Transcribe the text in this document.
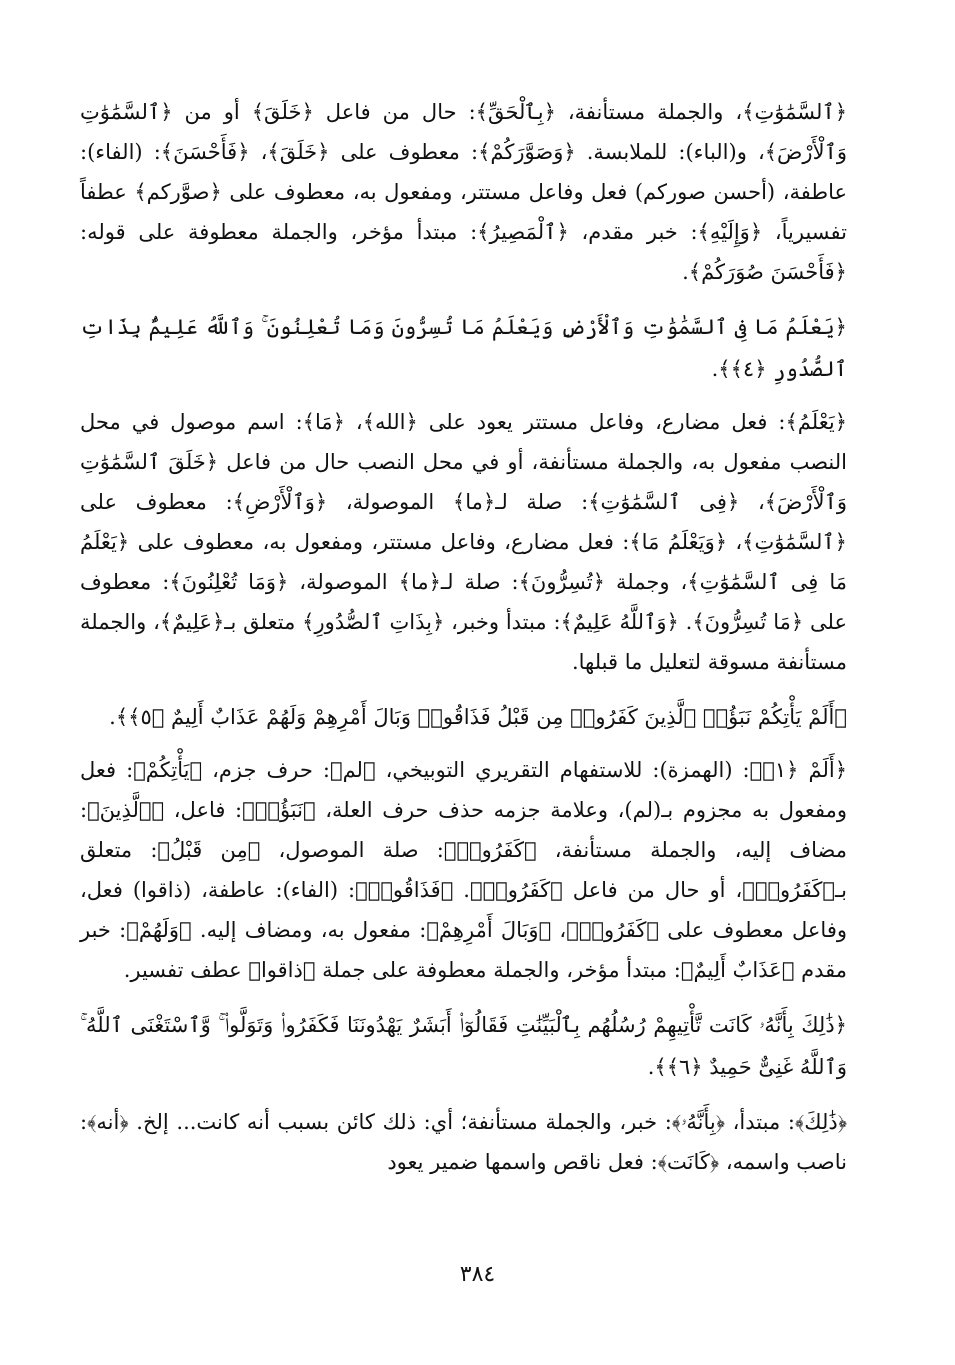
﴿ٱلسَّمَٰوَٰتِ﴾، والجملة مستأنفة، ﴿بِٱلْحَقِّ﴾: حال من فاعل ﴿خَلَقَ﴾ أو من ﴿ٱلسَّمَٰوَٰتِ وَٱلْأَرْضَ﴾، و(الباء): للملابسة. ﴿وَصَوَّرَكُمْ﴾: معطوف على ﴿خَلَقَ﴾، ﴿فَأَحْسَنَ﴾: (الفاء): عاطفة، (أحسن صوركم) فعل وفاعل مستتر، ومفعول به، معطوف على ﴿صوَّركم﴾ عطفاً تفسيرياً، ﴿وَإِلَيْهِ﴾: خبر مقدم، ﴿ٱلْمَصِيرُ﴾: مبتدأ مؤخر، والجملة معطوفة على قوله: ﴿فَأَحْسَنَ صُوَرَكُمْ﴾.

﴿يَعْلَمُ مَا فِى ٱلسَّمَٰوَٰتِ وَٱلْأَرْضِ وَيَعْلَمُ مَا تُسِرُّونَ وَمَا تُعْلِنُونَ ۚ وَٱللَّهُ عَلِيمٌۢ بِذَاتِ ٱلصُّدُورِ ﴿٤﴾﴾.

﴿يَعْلَمُ﴾: فعل مضارع، وفاعل مستتر يعود على ﴿الله﴾، ﴿مَا﴾: اسم موصول في محل النصب مفعول به، والجملة مستأنفة، أو في محل النصب حال من فاعل ﴿خَلَقَ ٱلسَّمَٰوَٰتِ وَٱلْأَرْضَ﴾، ﴿فِى ٱلسَّمَٰوَٰتِ﴾: صلة لـ﴿ما﴾ الموصولة، ﴿وَٱلْأَرْضِ﴾: معطوف على ﴿ٱلسَّمَٰوَٰتِ﴾، ﴿وَيَعْلَمُ مَا﴾: فعل مضارع، وفاعل مستتر، ومفعول به، معطوف على ﴿يَعْلَمُ مَا فِى ٱلسَّمَٰوَٰتِ﴾، وجملة ﴿تُسِرُّونَ﴾: صلة لـ﴿ما﴾ الموصولة، ﴿وَمَا تُعْلِنُونَ﴾: معطوف على ﴿مَا تُسِرُّونَ﴾. ﴿وَٱللَّهُ عَلِيمٌ﴾: مبتدأ وخبر، ﴿بِذَاتِ ٱلصُّدُورِ﴾ متعلق بـ﴿عَلِيمٌ﴾، والجملة مستأنفة مسوقة لتعليل ما قبلها.

﴿أَلَمْ يَأْتِكُمْ نَبَؤُا۟ ٱلَّذِينَ كَفَرُوا۟ مِن قَبْلُ فَذَاقُوا۟ وَبَالَ أَمْرِهِمْ وَلَهُمْ عَذَابٌ أَلِيمٌ ﴿٥﴾﴾.

﴿أَلَمْ ﴿١﴾﴾: (الهمزة): للاستفهام التقريري التوبيخي، ﴿لم﴾: حرف جزم، ﴿يَأْتِكُمْ﴾: فعل ومفعول به مجزوم بـ(لم)، وعلامة جزمه حذف حرف العلة، ﴿نَبَؤُا۟﴾: فاعل، ﴿ٱلَّذِينَ﴾: مضاف إليه، والجملة مستأنفة، ﴿كَفَرُوا۟﴾: صلة الموصول، ﴿مِن قَبْلُ﴾: متعلق بـ﴿كَفَرُوا۟﴾، أو حال من فاعل ﴿كَفَرُوا۟﴾. ﴿فَذَاقُوا۟﴾: (الفاء): عاطفة، (ذاقوا) فعل، وفاعل معطوف على ﴿كَفَرُوا۟﴾، ﴿وَبَالَ أَمْرِهِمْ﴾: مفعول به، ومضاف إليه. ﴿وَلَهُمْ﴾: خبر مقدم ﴿عَذَابٌ أَلِيمٌ﴾: مبتدأ مؤخر، والجملة معطوفة على جملة ﴿ذاقوا﴾ عطف تفسير.

﴿ذَٰلِكَ بِأَنَّهُۥ كَانَت تَّأْتِيهِمْ رُسُلُهُم بِٱلْبَيِّنَٰتِ فَقَالُوٓا۟ أَبَشَرٌ يَهْدُونَنَا فَكَفَرُوا۟ وَتَوَلَّوا۟ ۚ وَّٱسْتَغْنَى ٱللَّهُ ۚ وَٱللَّهُ غَنِىٌّ حَمِيدٌ ﴿٦﴾﴾.

﴿ذَٰلِكَ﴾: مبتدأ، ﴿بِأَنَّهُۥ﴾: خبر، والجملة مستأنفة؛ أي: ذلك كائن بسبب أنه كانت... إلخ. ﴿أنه﴾: ناصب واسمه، ﴿كَانَت﴾: فعل ناقص واسمها ضمير يعود

٣٨٤
